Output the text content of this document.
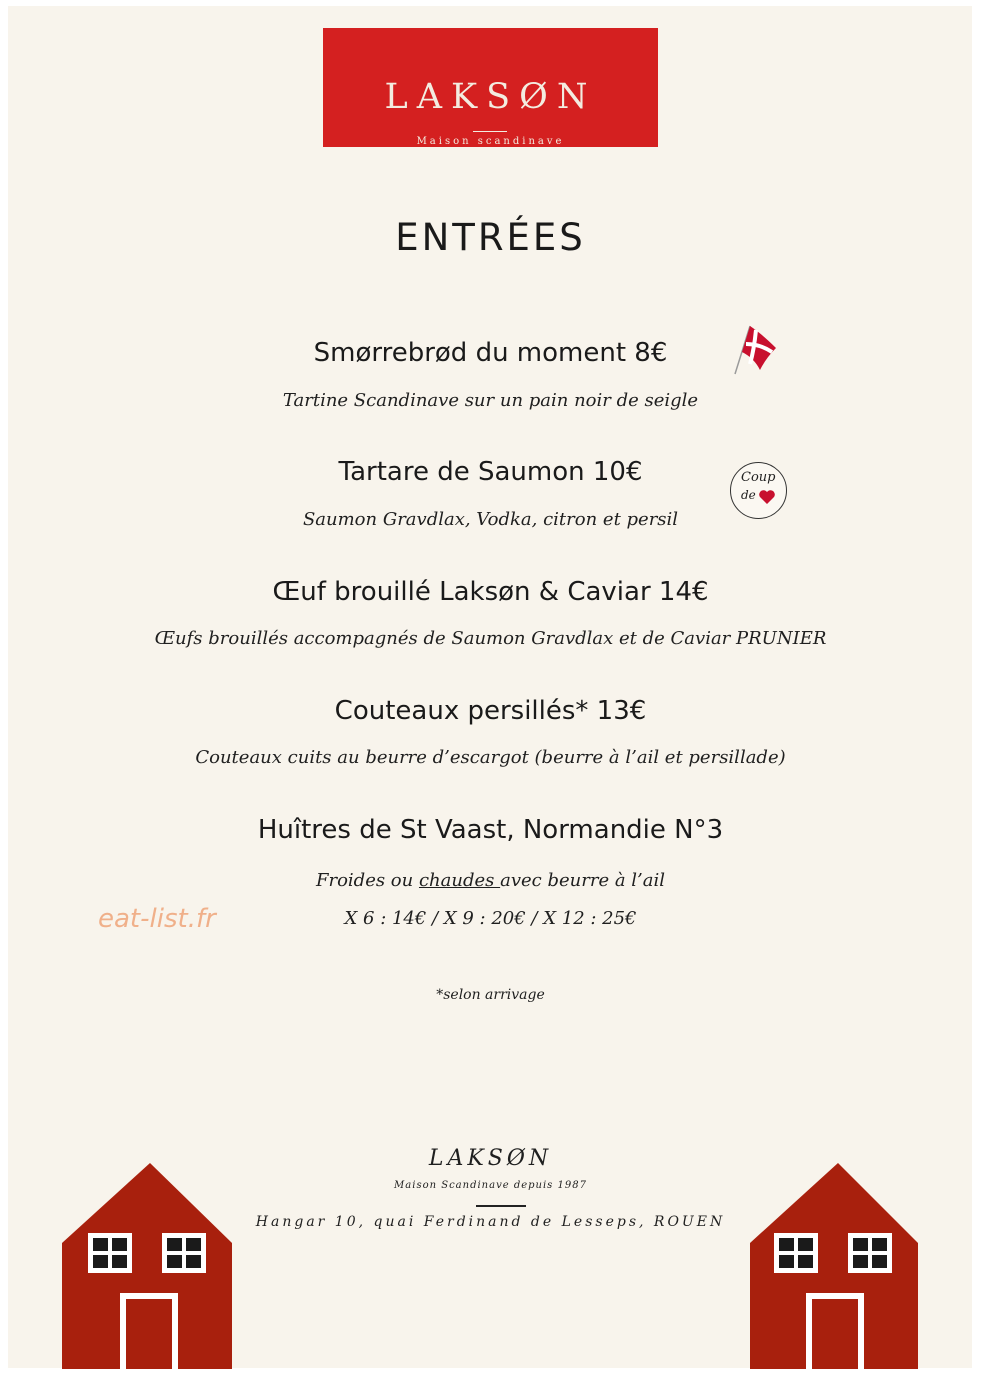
LAKSØN
Maison scandinave
ENTRÉES
Smørrebrød du moment 8€
Tartine Scandinave sur un pain noir de seigle
Tartare de Saumon 10€
Saumon Gravdlax, Vodka, citron et persil
Coup
de
Œuf brouillé Laksøn & Caviar 14€
Œufs brouillés accompagnés de Saumon Gravdlax et de Caviar PRUNIER
Couteaux persillés* 13€
Couteaux cuits au beurre d’escargot (beurre à l’ail et persillade)
Huîtres de St Vaast, Normandie N°3
Froides ou chaudes avec beurre à l’ail
X 6 : 14€ / X 9 : 20€ / X 12 : 25€
eat-list.fr
*selon arrivage
LAKSØN
Maison Scandinave depuis 1987
Hangar 10, quai Ferdinand de Lesseps, ROUEN
